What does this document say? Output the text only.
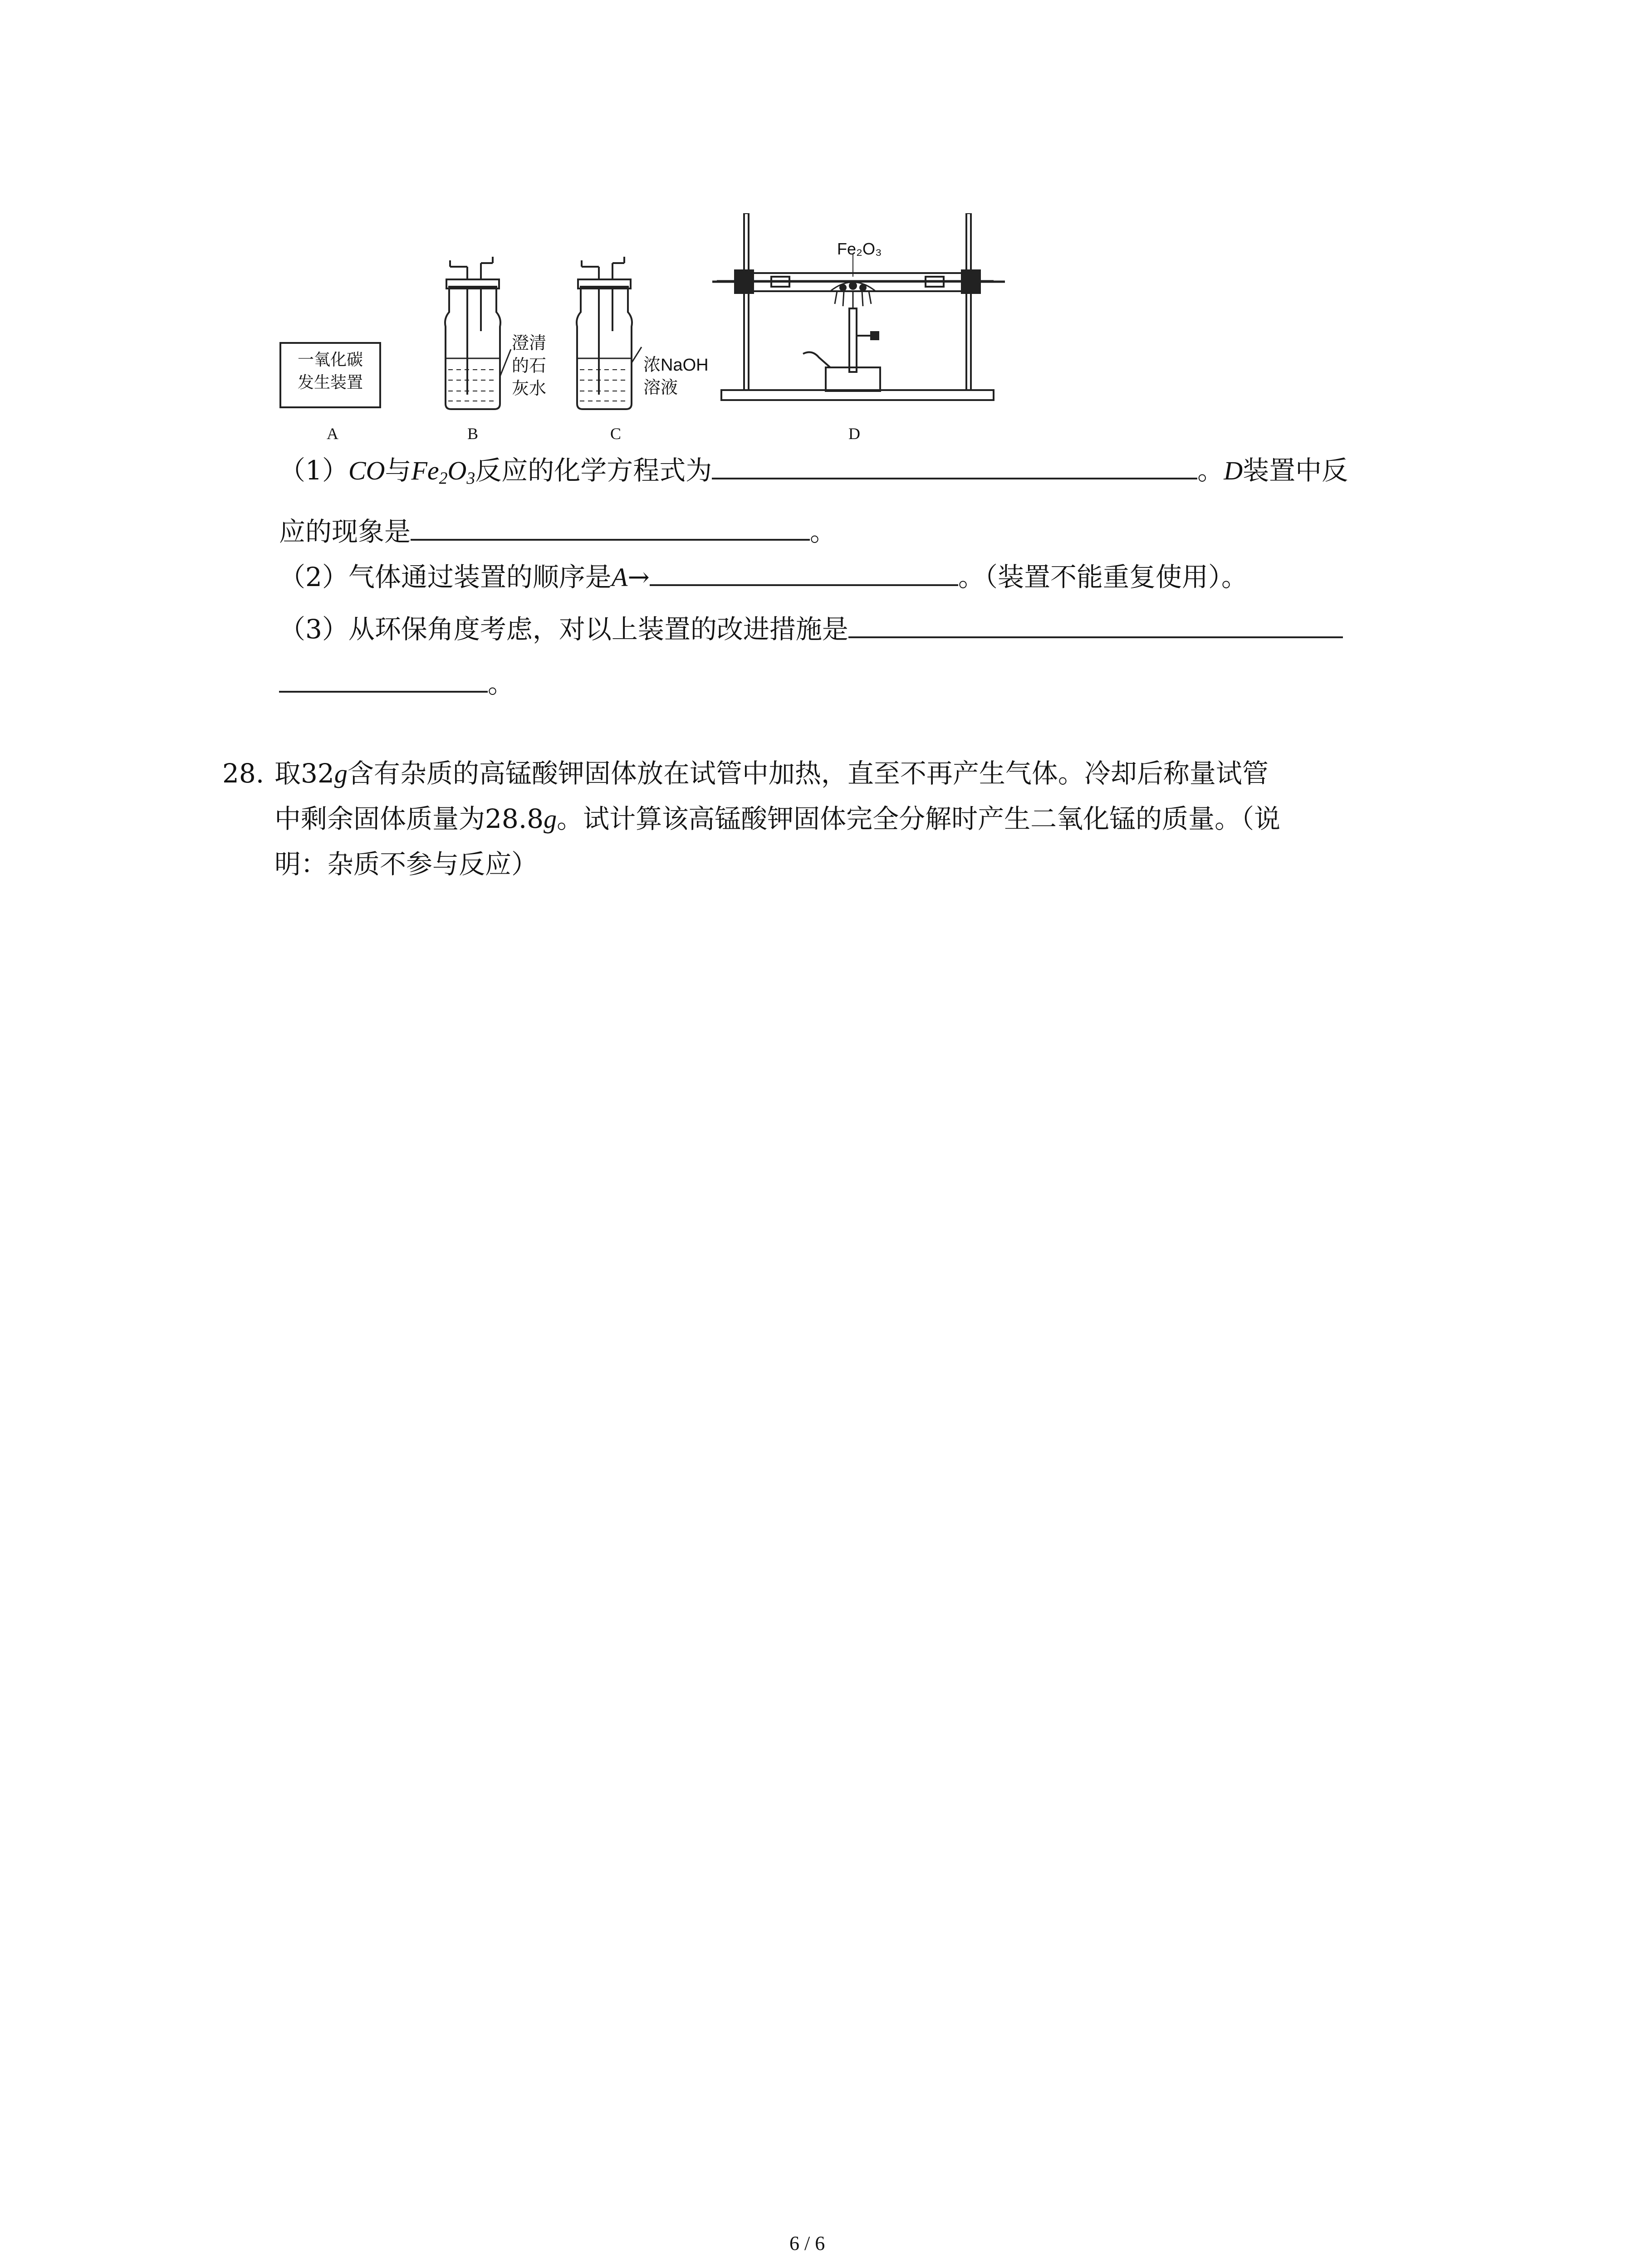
一氧化碳
发生装置
澄清
的石
灰水
浓NaOH
溶液
Fe₂O₃
A	B	C	D
（1）CO与$Fe_2O_3$反应的化学方程式为	。D装置中反
应的现象是	。
（2）气体通过装置的顺序是A→	。（装置不能重复使用）。
（3）从环保角度考虑，对以上装置的改进措施是
。
28. 取32g含有杂质的高锰酸钾固体放在试管中加热，直至不再产生气体。冷却后称量试管
中剩余固体质量为28.8g。试计算该高锰酸钾固体完全分解时产生二氧化锰的质量。（说
明：杂质不参与反应）
6 / 6
